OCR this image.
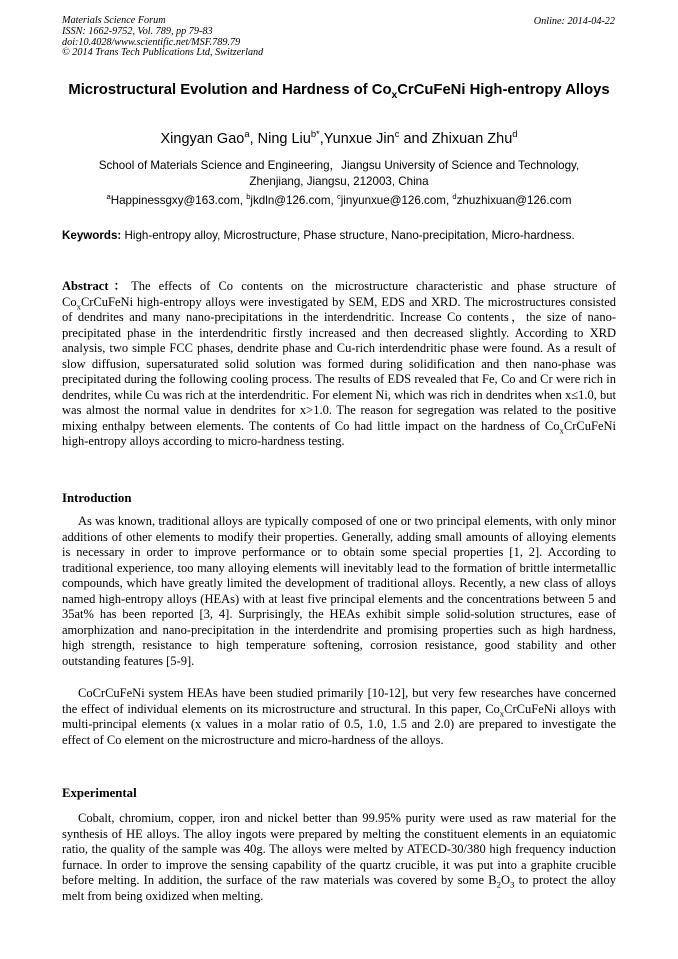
Materials Science Forum
ISSN: 1662-9752, Vol. 789, pp 79-83
doi:10.4028/www.scientific.net/MSF.789.79
© 2014 Trans Tech Publications Ltd, Switzerland
Online: 2014-04-22
Microstructural Evolution and Hardness of $Co_xCrCuFeNi$ High-entropy Alloys
Xingyan Gao$^a$, Ning Liu$^{b*}$,Yunxue Jin$^c$ and Zhixuan Zhu$^d$
School of Materials Science and Engineering，Jiangsu University of Science and Technology,
Zhenjiang, Jiangsu, 212003, China
$^a$Happinessgxy@163.com, $^b$jkdln@126.com, $^c$jinyunxue@126.com, $^d$zhuzhixuan@126.com
Keywords: High-entropy alloy, Microstructure, Phase structure, Nano-precipitation, Micro-hardness.
Abstract：The effects of Co contents on the microstructure characteristic and phase structure of $Co_xCrCuFeNi$ high-entropy alloys were investigated by SEM, EDS and XRD. The microstructures consisted of dendrites and many nano-precipitations in the interdendritic. Increase Co contents，the size of nano-precipitated phase in the interdendritic firstly increased and then decreased slightly. According to XRD analysis, two simple FCC phases, dendrite phase and Cu-rich interdendritic phase were found. As a result of slow diffusion, supersaturated solid solution was formed during solidification and then nano-phase was precipitated during the following cooling process. The results of EDS revealed that Fe, Co and Cr were rich in dendrites, while Cu was rich at the interdendritic. For element Ni, which was rich in dendrites when x≤1.0, but was almost the normal value in dendrites for x>1.0. The reason for segregation was related to the positive mixing enthalpy between elements. The contents of Co had little impact on the hardness of $Co_xCrCuFeNi$ high-entropy alloys according to micro-hardness testing.
Introduction
As was known, traditional alloys are typically composed of one or two principal elements, with only minor additions of other elements to modify their properties. Generally, adding small amounts of alloying elements is necessary in order to improve performance or to obtain some special properties [1, 2]. According to traditional experience, too many alloying elements will inevitably lead to the formation of brittle intermetallic compounds, which have greatly limited the development of traditional alloys. Recently, a new class of alloys named high-entropy alloys (HEAs) with at least five principal elements and the concentrations between 5 and 35at% has been reported [3, 4]. Surprisingly, the HEAs exhibit simple solid-solution structures, ease of amorphization and nano-precipitation in the interdendrite and promising properties such as high hardness, high strength, resistance to high temperature softening, corrosion resistance, good stability and other outstanding features [5-9].
CoCrCuFeNi system HEAs have been studied primarily [10-12], but very few researches have concerned the effect of individual elements on its microstructure and structural. In this paper, $Co_xCrCuFeNi$ alloys with multi-principal elements (x values in a molar ratio of 0.5, 1.0, 1.5 and 2.0) are prepared to investigate the effect of Co element on the microstructure and micro-hardness of the alloys.
Experimental
Cobalt, chromium, copper, iron and nickel better than 99.95% purity were used as raw material for the synthesis of HE alloys. The alloy ingots were prepared by melting the constituent elements in an equiatomic ratio, the quality of the sample was 40g. The alloys were melted by ATECD-30/380 high frequency induction furnace. In order to improve the sensing capability of the quartz crucible, it was put into a graphite crucible before melting. In addition, the surface of the raw materials was covered by some $B_2O_3$ to protect the alloy melt from being oxidized when melting.
